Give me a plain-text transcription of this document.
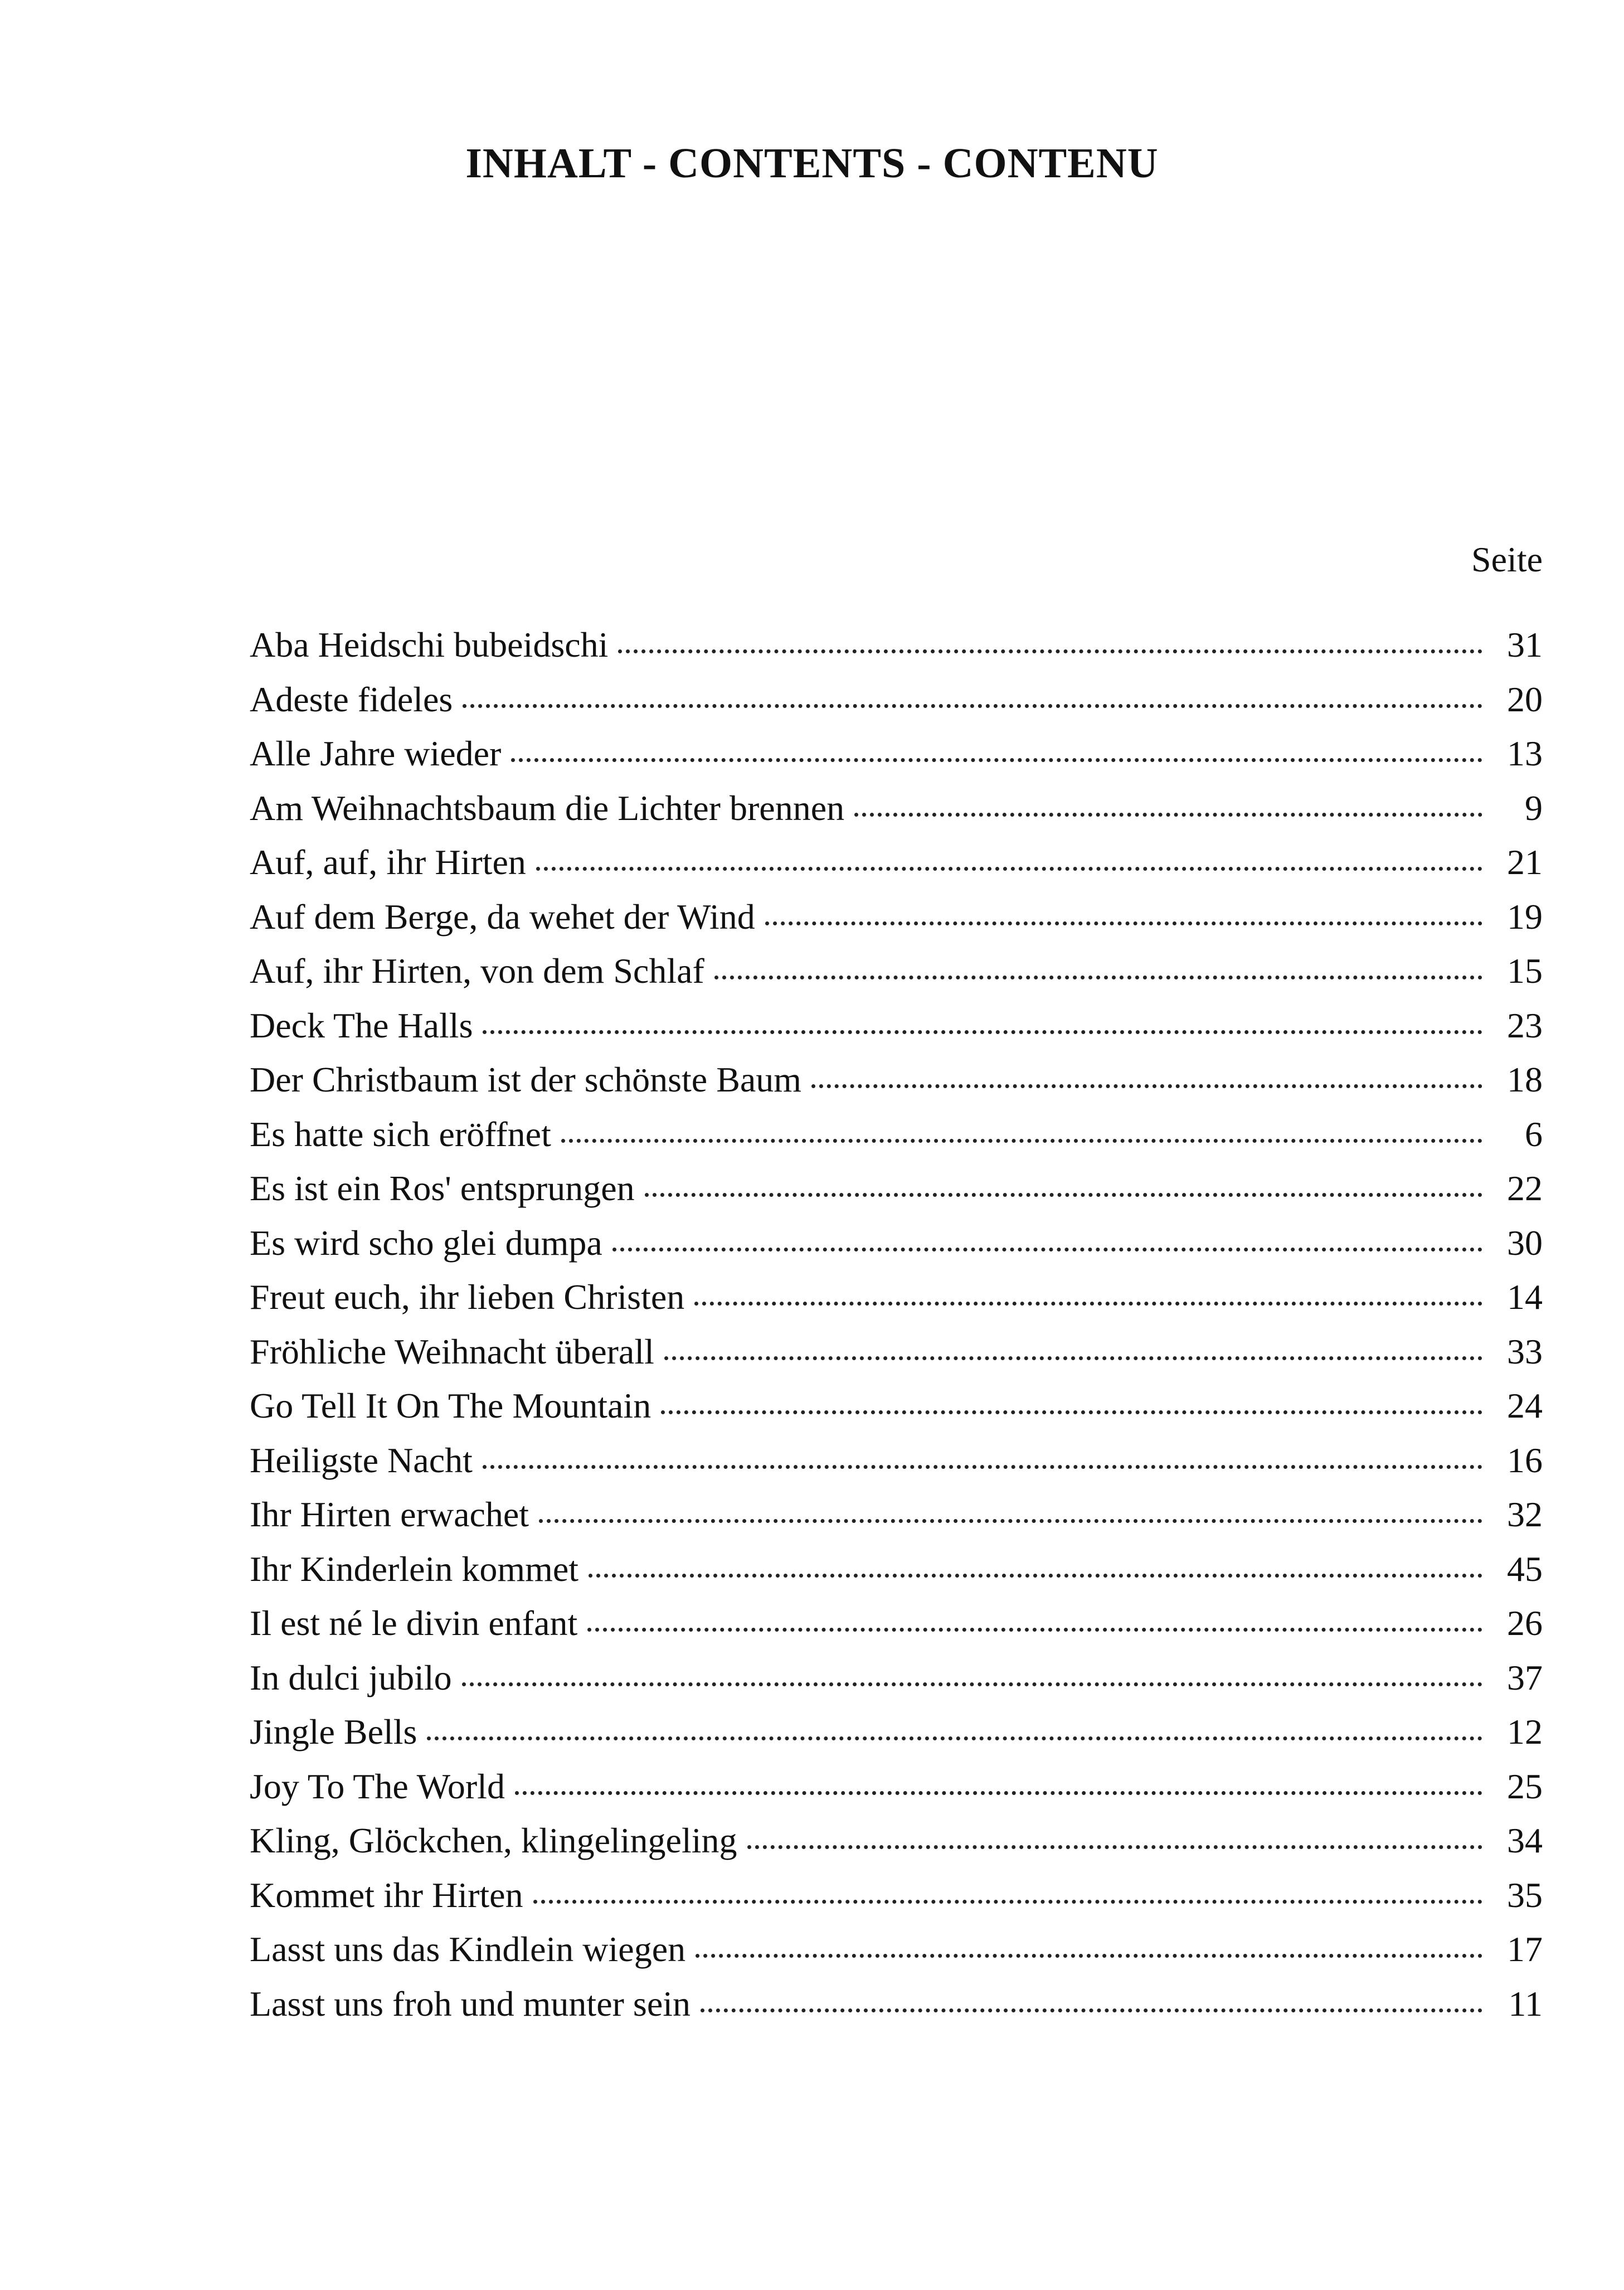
INHALT - CONTENTS - CONTENU
Seite
Aba Heidschi bubeidschi	31
Adeste fideles	20
Alle Jahre wieder	13
Am Weihnachtsbaum die Lichter brennen	9
Auf, auf, ihr Hirten	21
Auf dem Berge, da wehet der Wind	19
Auf, ihr Hirten, von dem Schlaf	15
Deck The Halls	23
Der Christbaum ist der schönste Baum	18
Es hatte sich eröffnet	6
Es ist ein Ros' entsprungen	22
Es wird scho glei dumpa	30
Freut euch, ihr lieben Christen	14
Fröhliche Weihnacht überall	33
Go Tell It On The Mountain	24
Heiligste Nacht	16
Ihr Hirten erwachet	32
Ihr Kinderlein kommet	45
Il est né le divin enfant	26
In dulci jubilo	37
Jingle Bells	12
Joy To The World	25
Kling, Glöckchen, klingelingeling	34
Kommet ihr Hirten	35
Lasst uns das Kindlein wiegen	17
Lasst uns froh und munter sein	11
